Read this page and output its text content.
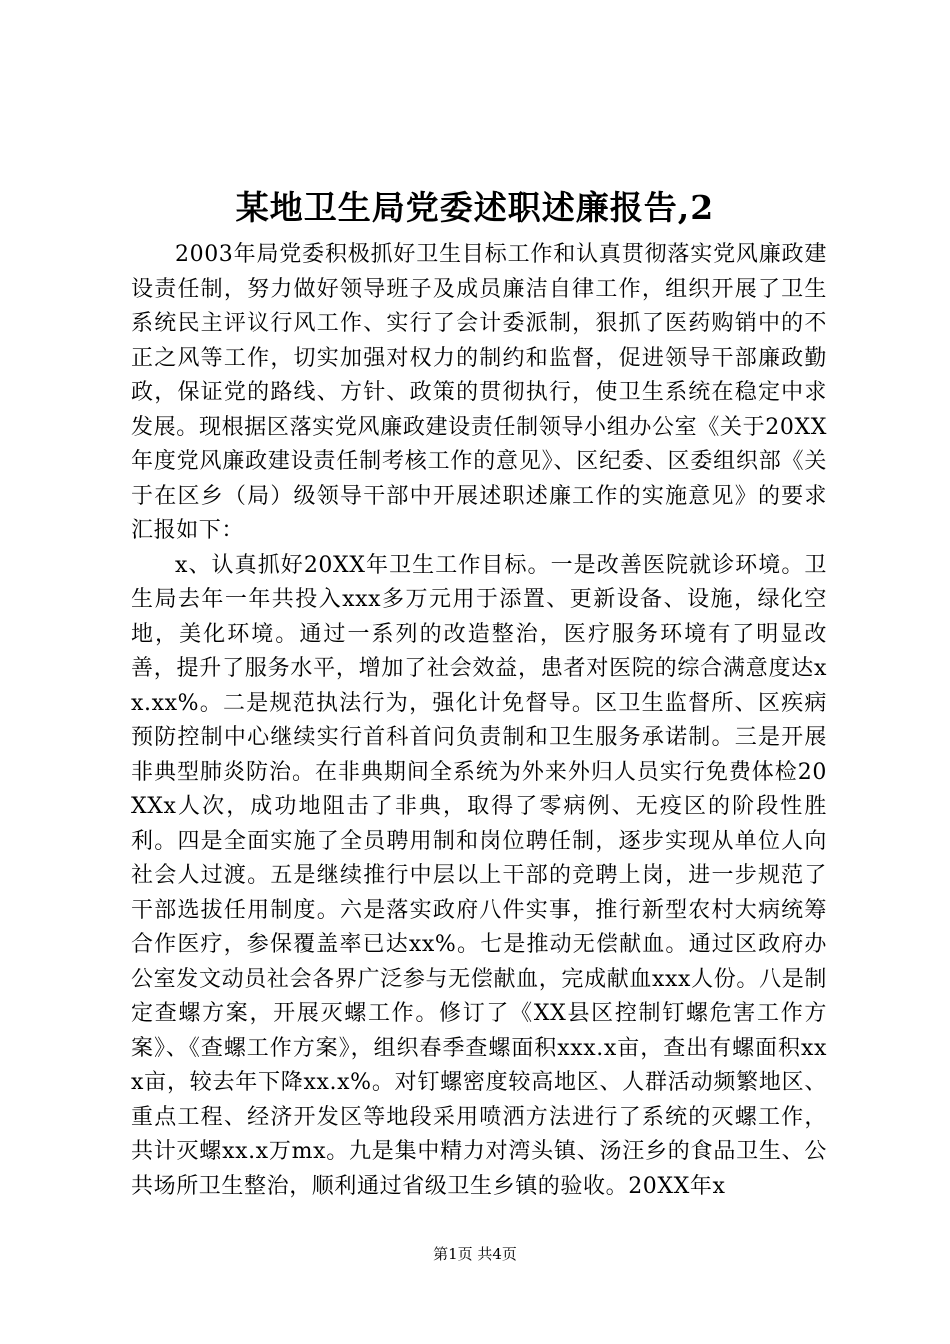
某地卫生局党委述职述廉报告,2

2003年局党委积极抓好卫生目标工作和认真贯彻落实党风廉政建设责任制，努力做好领导班子及成员廉洁自律工作，组织开展了卫生系统民主评议行风工作、实行了会计委派制，狠抓了医药购销中的不正之风等工作，切实加强对权力的制约和监督，促进领导干部廉政勤政，保证党的路线、方针、政策的贯彻执行，使卫生系统在稳定中求发展。现根据区落实党风廉政建设责任制领导小组办公室《关于20XX年度党风廉政建设责任制考核工作的意见》、区纪委、区委组织部《关于在区乡（局）级领导干部中开展述职述廉工作的实施意见》的要求汇报如下：

x、认真抓好20XX年卫生工作目标。一是改善医院就诊环境。卫生局去年一年共投入xxx多万元用于添置、更新设备、设施，绿化空地，美化环境。通过一系列的改造整治，医疗服务环境有了明显改善，提升了服务水平，增加了社会效益，患者对医院的综合满意度达xx.xx%。二是规范执法行为，强化计免督导。区卫生监督所、区疾病预防控制中心继续实行首科首问负责制和卫生服务承诺制。三是开展非典型肺炎防治。在非典期间全系统为外来外归人员实行免费体检20XXx人次，成功地阻击了非典，取得了零病例、无疫区的阶段性胜利。四是全面实施了全员聘用制和岗位聘任制，逐步实现从单位人向社会人过渡。五是继续推行中层以上干部的竞聘上岗，进一步规范了干部选拔任用制度。六是落实政府八件实事，推行新型农村大病统筹合作医疗，参保覆盖率已达xx%。七是推动无偿献血。通过区政府办公室发文动员社会各界广泛参与无偿献血，完成献血xxx人份。八是制定查螺方案，开展灭螺工作。修订了《XX县区控制钉螺危害工作方案》、《查螺工作方案》，组织春季查螺面积xxx.x亩，查出有螺面积xxx亩，较去年下降xx.x%。对钉螺密度较高地区、人群活动频繁地区、重点工程、经济开发区等地段采用喷洒方法进行了系统的灭螺工作，共计灭螺xx.x万mx。九是集中精力对湾头镇、汤汪乡的食品卫生、公共场所卫生整治，顺利通过省级卫生乡镇的验收。20XX年x

第1页 共4页
